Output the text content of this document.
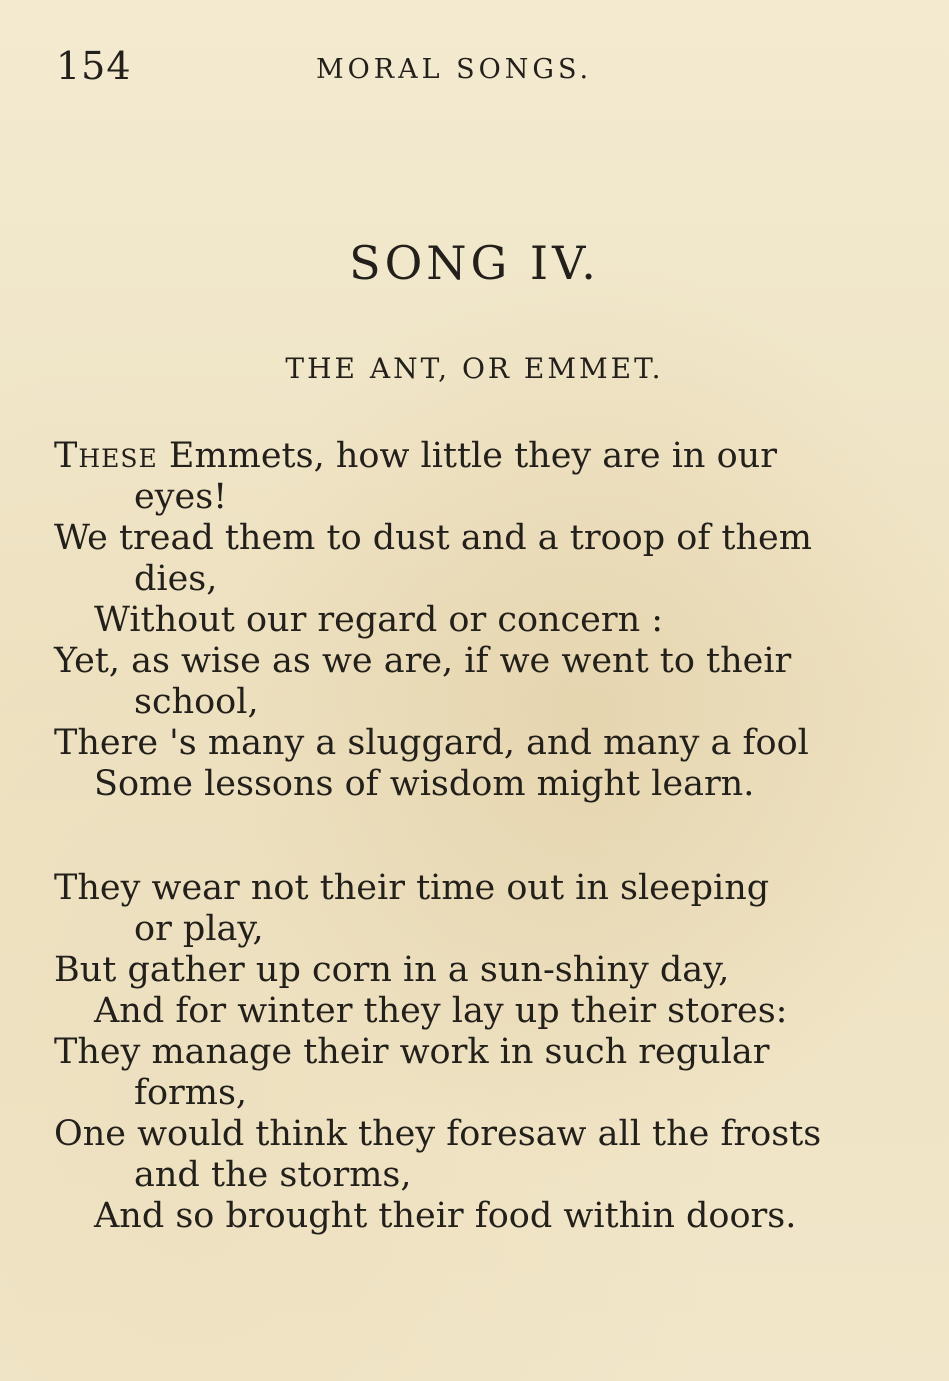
154	MORAL SONGS.
SONG IV.
THE ANT, OR EMMET.
These Emmets, how little they are in our
eyes!
We tread them to dust and a troop of them
dies,
Without our regard or concern :
Yet, as wise as we are, if we went to their
school,
There 's many a sluggard, and many a fool
Some lessons of wisdom might learn.
They wear not their time out in sleeping
or play,
But gather up corn in a sun-shiny day,
And for winter they lay up their stores:
They manage their work in such regular
forms,
One would think they foresaw all the frosts
and the storms,
And so brought their food within doors.
